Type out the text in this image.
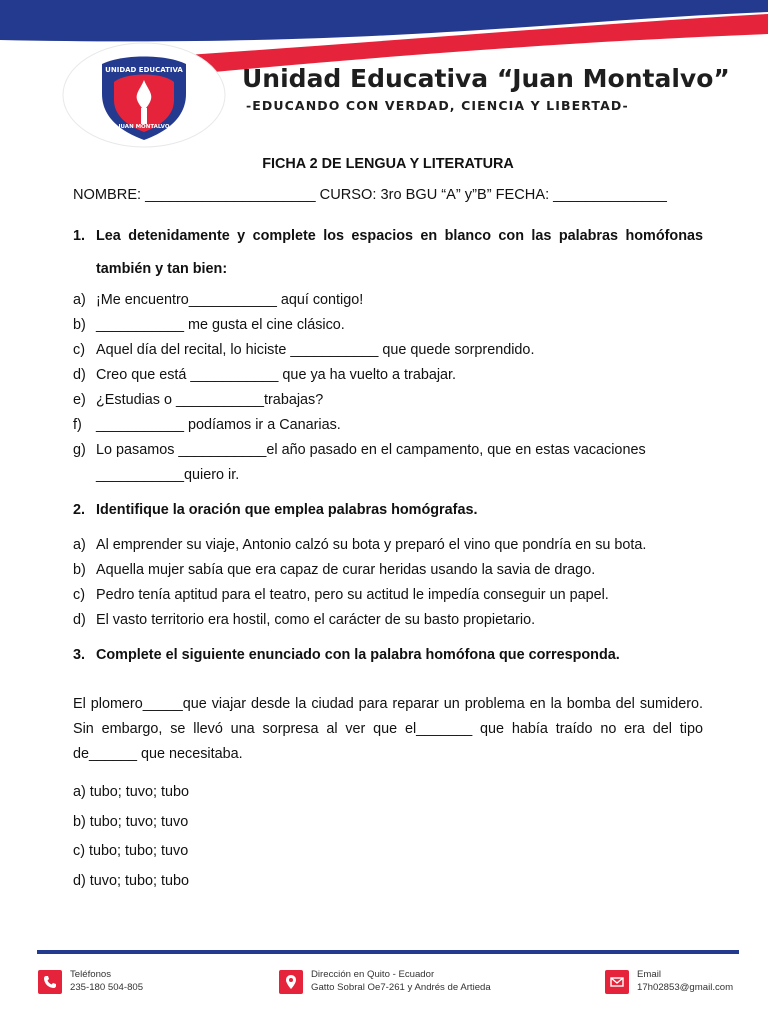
UNIDAD EDUCATIVA
JUAN MONTALVO
Unidad Educativa “Juan Montalvo”
-EDUCANDO CON VERDAD, CIENCIA Y LIBERTAD-
FICHA 2 DE LENGUA Y LITERATURA
NOMBRE: _____________________ CURSO: 3ro BGU “A” y”B” FECHA: ______________
1. Lea detenidamente y complete los espacios en blanco con las palabras homófonas también y tan bien:
a) ¡Me encuentro___________ aquí contigo!
b) ___________ me gusta el cine clásico.
c) Aquel día del recital, lo hiciste ___________ que quede sorprendido.
d) Creo que está ___________ que ya ha vuelto a trabajar.
e) ¿Estudias o ___________trabajas?
f) ___________ podíamos ir a Canarias.
g) Lo pasamos ___________el año pasado en el campamento, que en estas vacaciones ___________quiero ir.
2. Identifique la oración que emplea palabras homógrafas.
a) Al emprender su viaje, Antonio calzó su bota y preparó el vino que pondría en su bota.
b) Aquella mujer sabía que era capaz de curar heridas usando la savia de drago.
c) Pedro tenía aptitud para el teatro, pero su actitud le impedía conseguir un papel.
d) El vasto territorio era hostil, como el carácter de su basto propietario.
3. Complete el siguiente enunciado con la palabra homófona que corresponda.
El plomero_____que viajar desde la ciudad para reparar un problema en la bomba del sumidero. Sin embargo, se llevó una sorpresa al ver que el_______ que había traído no era del tipo de______ que necesitaba.
a) tubo; tuvo; tubo
b) tubo; tuvo; tuvo
c) tubo; tubo; tuvo
d) tuvo; tubo; tubo
Teléfonos
235-180 504-805
Dirección en Quito - Ecuador
Gatto Sobral Oe7-261 y Andrés de Artieda
Email
17h02853@gmail.com
